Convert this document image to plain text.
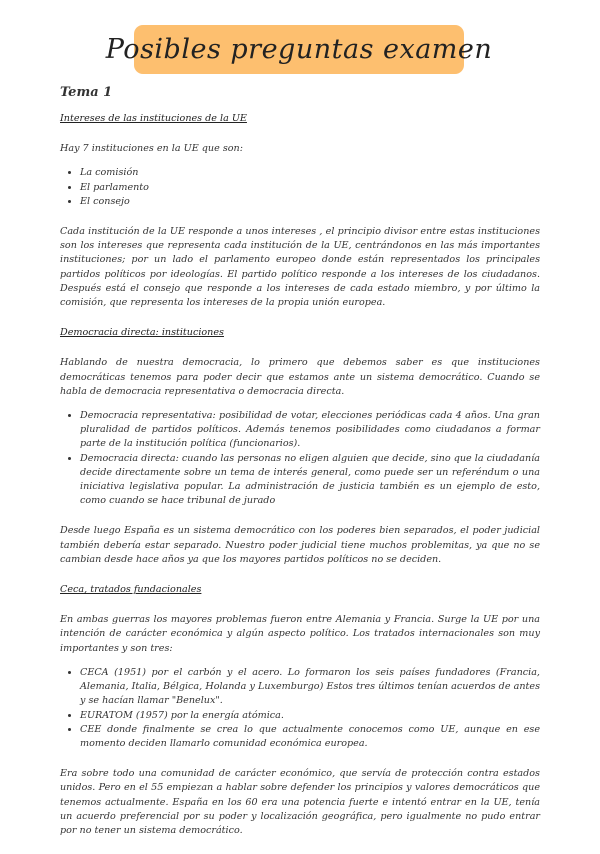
Posibles preguntas examen
Tema 1
Intereses de las instituciones de la UE
Hay 7 instituciones en la UE que son:
• La comisión
• El parlamento
• El consejo
Cada institución de la UE responde a unos intereses , el principio divisor entre estas instituciones son los intereses que representa cada institución de la UE, centrándonos en las más importantes instituciones; por un lado el parlamento europeo donde están representados los principales partidos políticos por ideologías. El partido político responde a los intereses de los ciudadanos. Después está el consejo que responde a los intereses de cada estado miembro, y por último la comisión, que representa los intereses de la propia unión europea.
Democracia directa: instituciones
Hablando de nuestra democracia, lo primero que debemos saber es que instituciones democráticas tenemos para poder decir que estamos ante un sistema democrático. Cuando se habla de democracia representativa o democracia directa.
• Democracia representativa: posibilidad de votar, elecciones periódicas cada 4 años. Una gran pluralidad de partidos políticos. Además tenemos posibilidades como ciudadanos a formar parte de la institución política (funcionarios).
• Democracia directa: cuando las personas no eligen alguien que decide, sino que la ciudadanía decide directamente sobre un tema de interés general, como puede ser un referéndum o una iniciativa legislativa popular. La administración de justicia también es un ejemplo de esto, como cuando se hace tribunal de jurado
Desde luego España es un sistema democrático con los poderes bien separados, el poder judicial también debería estar separado. Nuestro poder judicial tiene muchos problemitas, ya que no se cambian desde hace años ya que los mayores partidos políticos no se deciden.
Ceca, tratados fundacionales
En ambas guerras los mayores problemas fueron entre Alemania y Francia. Surge la UE por una intención de carácter económica y algún aspecto político. Los tratados internacionales son muy importantes y son tres:
• CECA (1951) por el carbón y el acero. Lo formaron los seis países fundadores (Francia, Alemania, Italia, Bélgica, Holanda y Luxemburgo) Estos tres últimos tenían acuerdos de antes y se hacían llamar "Benelux".
• EURATOM (1957) por la energía atómica.
• CEE donde finalmente se crea lo que actualmente conocemos como UE, aunque en ese momento deciden llamarlo comunidad económica europea.
Era sobre todo una comunidad de carácter económico, que servía de protección contra estados unidos. Pero en el 55 empiezan a hablar sobre defender los principios y valores democráticos que tenemos actualmente. España en los 60 era una potencia fuerte e intentó entrar en la UE, tenía un acuerdo preferencial por su poder y localización geográfica, pero igualmente no pudo entrar por no tener un sistema democrático.
